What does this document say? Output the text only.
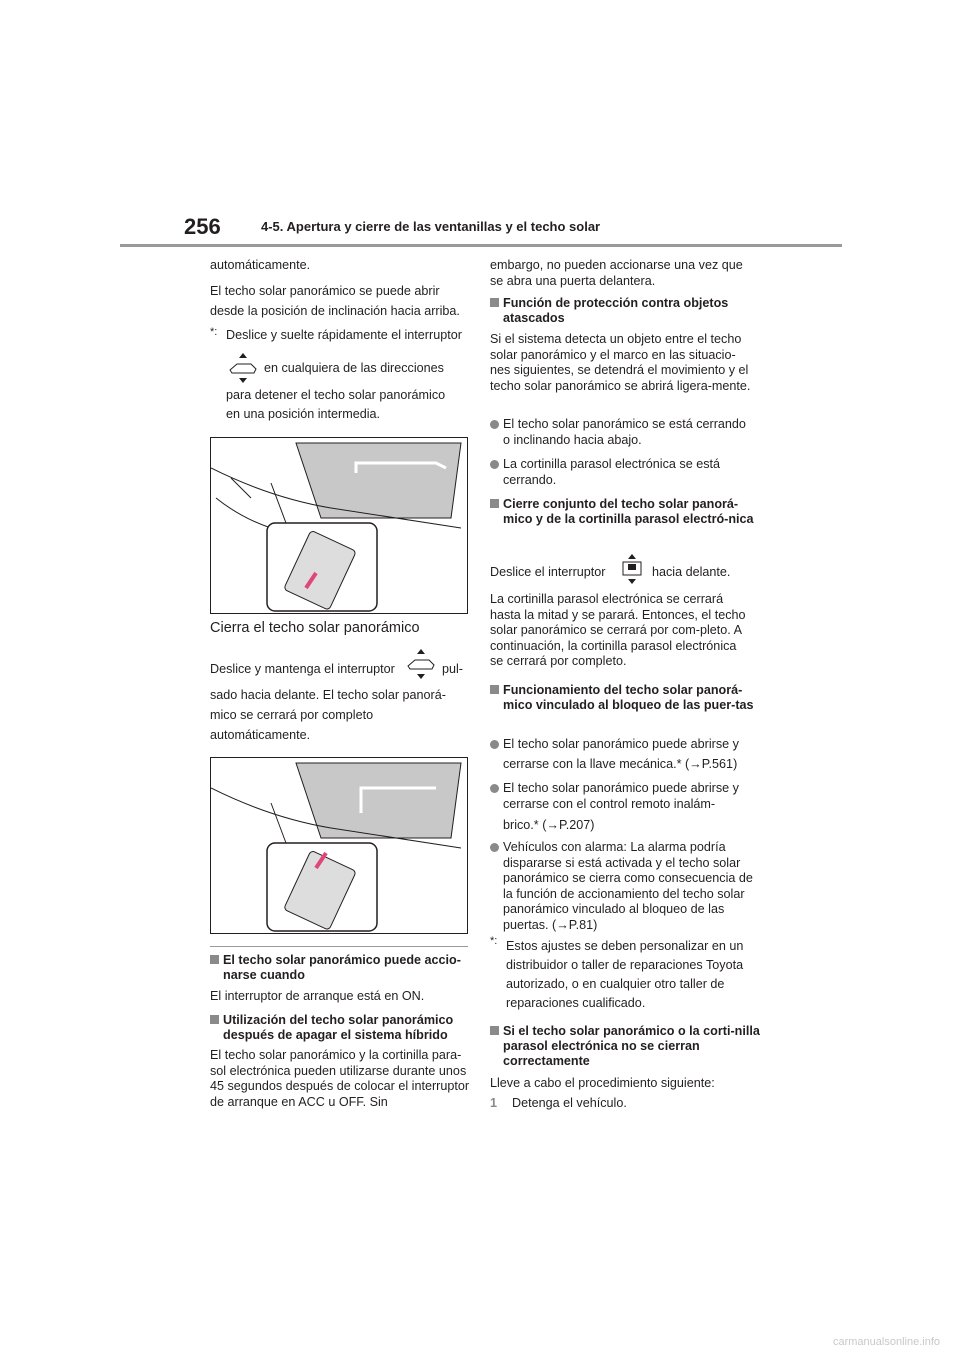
256	4-5. Apertura y cierre de las ventanillas y el techo solar
automáticamente.
El techo solar panorámico se puede abrir
desde la posición de inclinación hacia arriba.
*: Deslice y suelte rápidamente el interruptor
en cualquiera de las direcciones
para detener el techo solar panorámico
en una posición intermedia.
Cierra el techo solar panorámico
Deslice y mantenga el interruptor	pul-
sado hacia delante. El techo solar panorá-
mico se cerrará por completo
automáticamente.
El techo solar panorámico puede accio-narse cuando
El interruptor de arranque está en ON.
Utilización del techo solar panorámico después de apagar el sistema híbrido
El techo solar panorámico y la cortinilla para-sol electrónica pueden utilizarse durante unos 45 segundos después de colocar el interruptor de arranque en ACC u OFF. Sin
embargo, no pueden accionarse una vez que se abra una puerta delantera.
Función de protección contra objetos atascados
Si el sistema detecta un objeto entre el techo solar panorámico y el marco en las situacio-nes siguientes, se detendrá el movimiento y el techo solar panorámico se abrirá ligera-mente.
El techo solar panorámico se está cerrando o inclinando hacia abajo.
La cortinilla parasol electrónica se está cerrando.
Cierre conjunto del techo solar panorá-mico y de la cortinilla parasol electró-nica
Deslice el interruptor	hacia delante.
La cortinilla parasol electrónica se cerrará hasta la mitad y se parará. Entonces, el techo solar panorámico se cerrará por com-pleto. A continuación, la cortinilla parasol electrónica se cerrará por completo.
Funcionamiento del techo solar panorá-mico vinculado al bloqueo de las puer-tas
El techo solar panorámico puede abrirse y
cerrarse con la llave mecánica.* (→P.561)
El techo solar panorámico puede abrirse y cerrarse con el control remoto inalám-
brico.* (→P.207)
Vehículos con alarma: La alarma podría dispararse si está activada y el techo solar panorámico se cierra como consecuencia de la función de accionamiento del techo solar panorámico vinculado al bloqueo de las puertas. (→P.81)
*: Estos ajustes se deben personalizar en un
distribuidor o taller de reparaciones Toyota
autorizado, o en cualquier otro taller de
reparaciones cualificado.
Si el techo solar panorámico o la corti-nilla parasol electrónica no se cierran correctamente
Lleve a cabo el procedimiento siguiente:
1 Detenga el vehículo.
carmanualsonline.info
